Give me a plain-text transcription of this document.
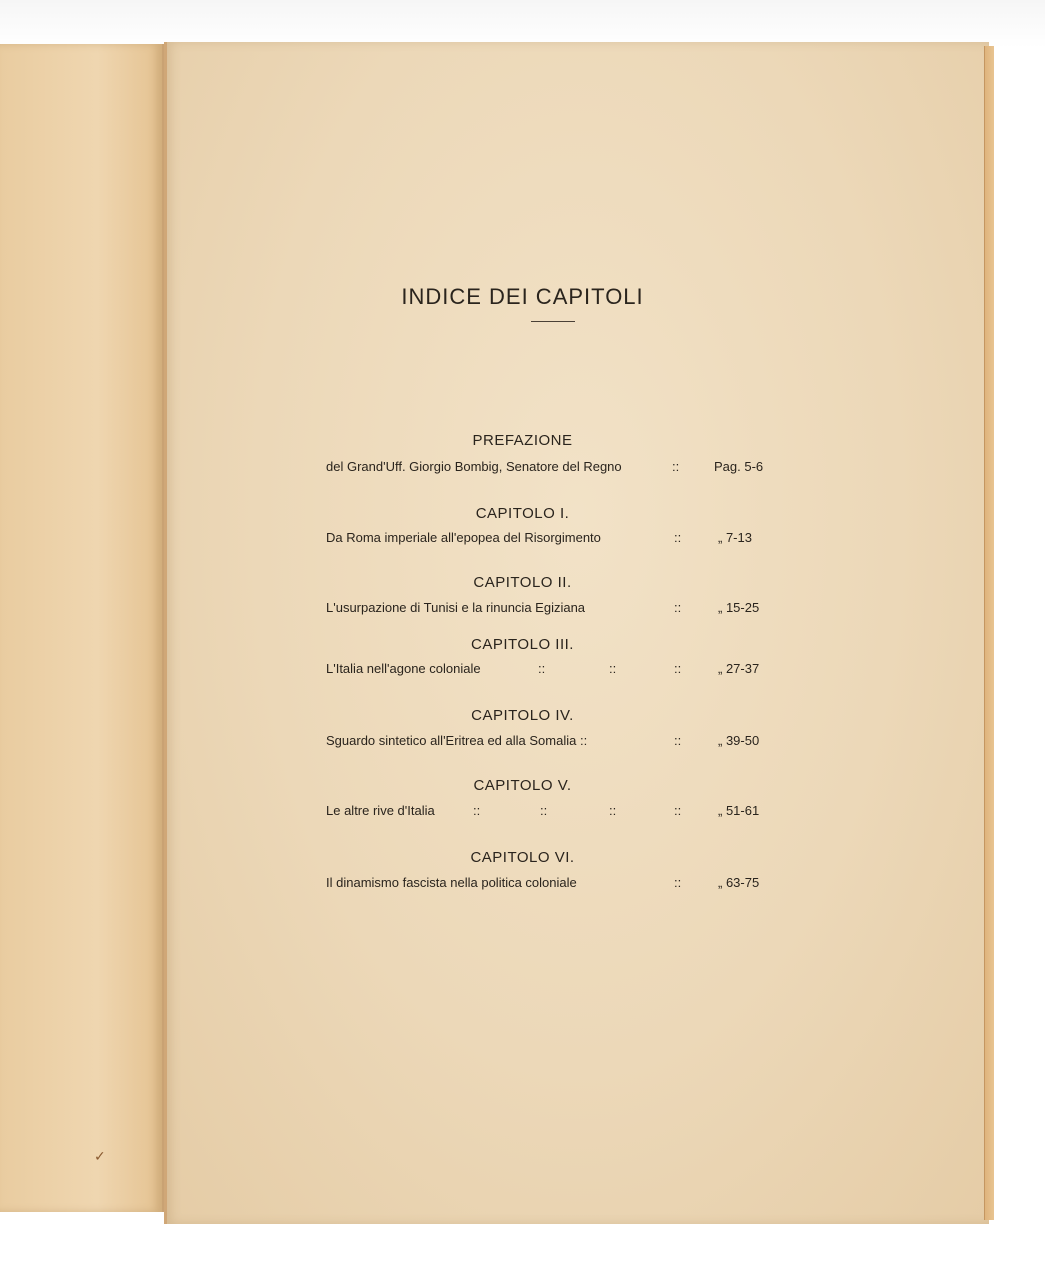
INDICE DEI CAPITOLI
PREFAZIONE
del Grand'Uff. Giorgio Bombig, Senatore del Regno	::	Pag. 5-6
CAPITOLO I.
Da Roma imperiale all'epopea del Risorgimento	::	„ 7-13
CAPITOLO II.
L'usurpazione di Tunisi e la rinuncia Egiziana	::	„ 15-25
CAPITOLO III.
L'Italia nell'agone coloniale	::	::	::	„ 27-37
CAPITOLO IV.
Sguardo sintetico all'Eritrea ed alla Somalia ::	::	„ 39-50
CAPITOLO V.
Le altre rive d'Italia	::	::	::	::	„ 51-61
CAPITOLO VI.
Il dinamismo fascista nella politica coloniale	::	„ 63-75
✓
